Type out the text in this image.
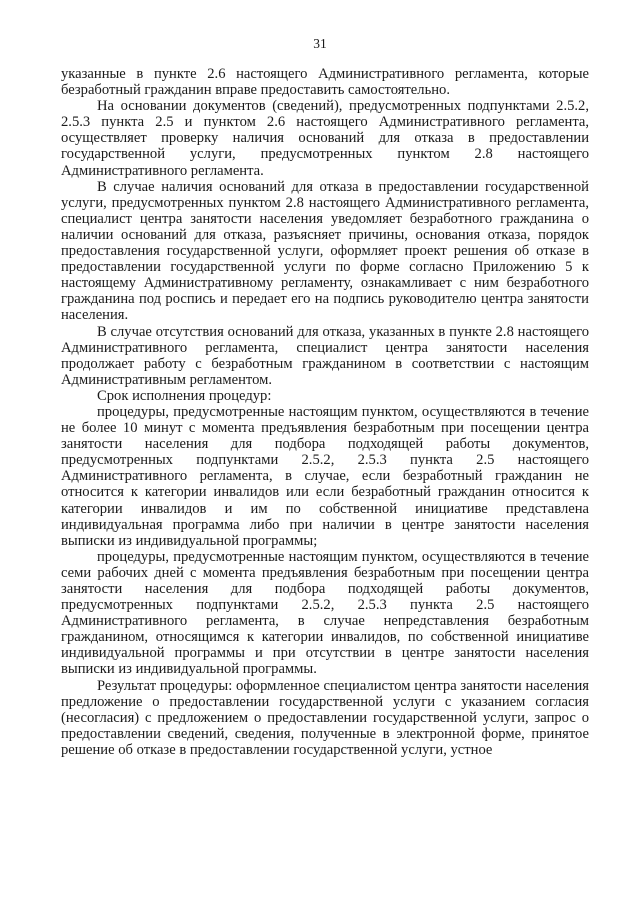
31

указанные в пункте 2.6 настоящего Административного регламента, которые безработный гражданин вправе предоставить самостоятельно.

На основании документов (сведений), предусмотренных подпунктами 2.5.2, 2.5.3 пункта 2.5 и пунктом 2.6 настоящего Административного регламента, осуществляет проверку наличия оснований для отказа в предоставлении государственной услуги, предусмотренных пунктом 2.8 настоящего Административного регламента.

В случае наличия оснований для отказа в предоставлении государственной услуги, предусмотренных пунктом 2.8 настоящего Административного регламента, специалист центра занятости населения уведомляет безработного гражданина о наличии оснований для отказа, разъясняет причины, основания отказа, порядок предоставления государственной услуги, оформляет проект решения об отказе в предоставлении государственной услуги по форме согласно Приложению 5 к настоящему Административному регламенту, ознакамливает с ним безработного гражданина под роспись и передает его на подпись руководителю центра занятости населения.

В случае отсутствия оснований для отказа, указанных в пункте 2.8 настоящего Административного регламента, специалист центра занятости населения продолжает работу с безработным гражданином в соответствии с настоящим Административным регламентом.

Срок исполнения процедур:

процедуры, предусмотренные настоящим пунктом, осуществляются в течение не более 10 минут с момента предъявления безработным при посещении центра занятости населения для подбора подходящей работы документов, предусмотренных подпунктами 2.5.2, 2.5.3 пункта 2.5 настоящего Административного регламента, в случае, если безработный гражданин не относится к категории инвалидов или если безработный гражданин относится к категории инвалидов и им по собственной инициативе представлена индивидуальная программа либо при наличии в центре занятости населения выписки из индивидуальной программы;

процедуры, предусмотренные настоящим пунктом, осуществляются в течение семи рабочих дней с момента предъявления безработным при посещении центра занятости населения для подбора подходящей работы документов, предусмотренных подпунктами 2.5.2, 2.5.3 пункта 2.5 настоящего Административного регламента, в случае непредставления безработным гражданином, относящимся к категории инвалидов, по собственной инициативе индивидуальной программы и при отсутствии в центре занятости населения выписки из индивидуальной программы.

Результат процедуры: оформленное специалистом центра занятости населения предложение о предоставлении государственной услуги с указанием согласия (несогласия) с предложением о предоставлении государственной услуги, запрос о предоставлении сведений, сведения, полученные в электронной форме, принятое решение об отказе в предоставлении государственной услуги, устное
